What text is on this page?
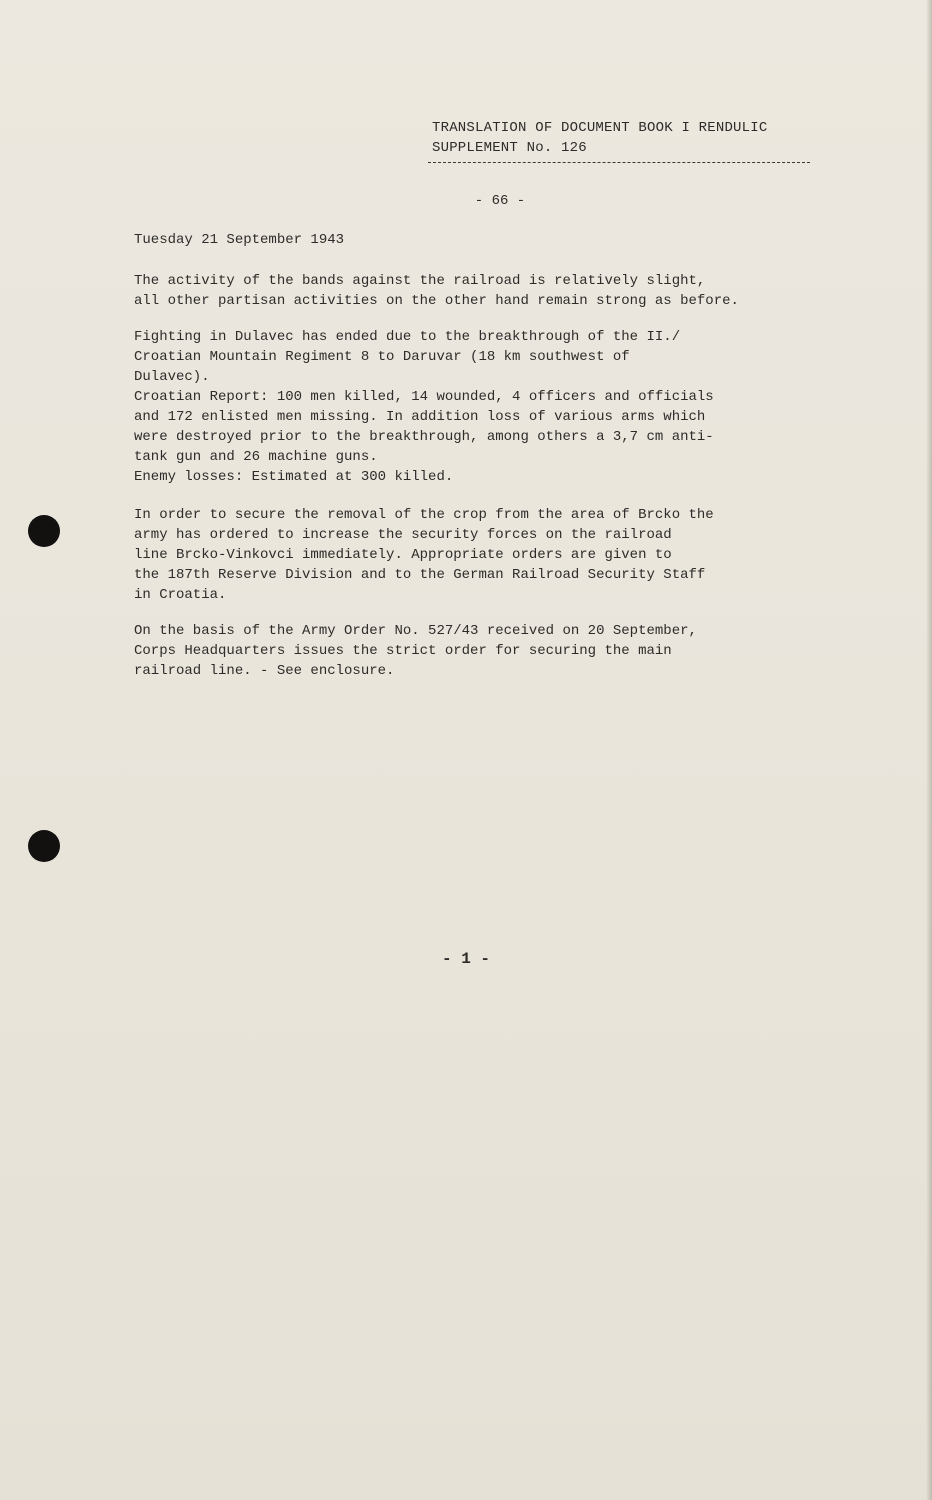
TRANSLATION OF DOCUMENT BOOK I RENDULIC
SUPPLEMENT No. 126
- 66 -
Tuesday 21 September 1943
The activity of the bands against the railroad is relatively slight,
all other partisan activities on the other hand remain strong as before.
Fighting in Dulavec has ended due to the breakthrough of the II./
Croatian Mountain Regiment 8 to Daruvar (18 km southwest of
Dulavec).
Croatian Report: 100 men killed, 14 wounded, 4 officers and officials
and 172 enlisted men missing. In addition loss of various arms which
were destroyed prior to the breakthrough, among others a 3,7 cm anti-
tank gun and 26 machine guns.
Enemy losses: Estimated at 300 killed.
In order to secure the removal of the crop from the area of Brcko the
army has ordered to increase the security forces on the railroad
line Brcko-Vinkovci immediately. Appropriate orders are given to
the 187th Reserve Division and to the German Railroad Security Staff
in Croatia.
On the basis of the Army Order No. 527/43 received on 20 September,
Corps Headquarters issues the strict order for securing the main
railroad line. - See enclosure.
- 1 -
